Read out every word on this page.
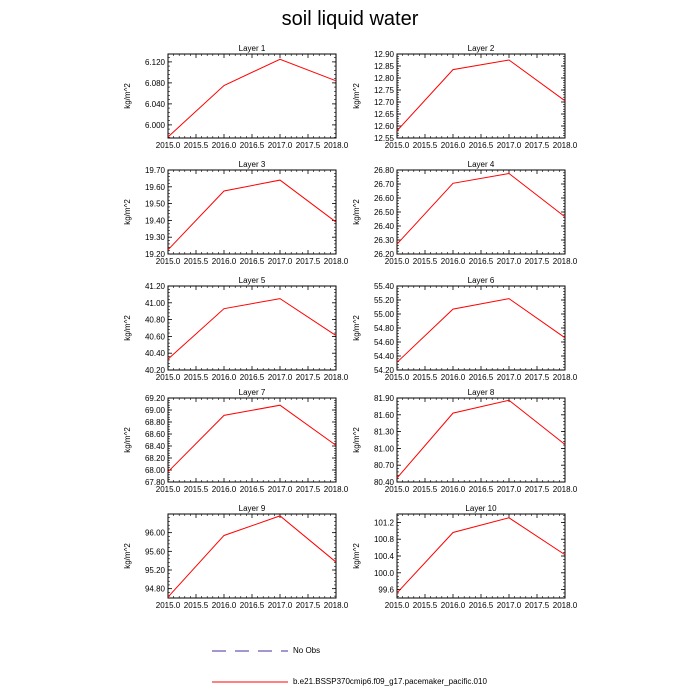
soil liquid water
Layer 1
2015.0 2015.5 2016.0 2016.5 2017.0 2017.5 2018.0
6.000
6.040
6.080
6.120
kg/m^2
Layer 2
2015.0 2015.5 2016.0 2016.5 2017.0 2017.5 2018.0
12.55
12.60
12.65
12.70
12.75
12.80
12.85
12.90
kg/m^2
Layer 3
2015.0 2015.5 2016.0 2016.5 2017.0 2017.5 2018.0
19.20
19.30
19.40
19.50
19.60
19.70
kg/m^2
Layer 4
2015.0 2015.5 2016.0 2016.5 2017.0 2017.5 2018.0
26.20
26.30
26.40
26.50
26.60
26.70
26.80
kg/m^2
Layer 5
2015.0 2015.5 2016.0 2016.5 2017.0 2017.5 2018.0
40.20
40.40
40.60
40.80
41.00
41.20
kg/m^2
Layer 6
2015.0 2015.5 2016.0 2016.5 2017.0 2017.5 2018.0
54.20
54.40
54.60
54.80
55.00
55.20
55.40
kg/m^2
Layer 7
2015.0 2015.5 2016.0 2016.5 2017.0 2017.5 2018.0
67.80
68.00
68.20
68.40
68.60
68.80
69.00
69.20
kg/m^2
Layer 8
2015.0 2015.5 2016.0 2016.5 2017.0 2017.5 2018.0
80.40
80.70
81.00
81.30
81.60
81.90
kg/m^2
Layer 9
2015.0 2015.5 2016.0 2016.5 2017.0 2017.5 2018.0
94.80
95.20
95.60
96.00
kg/m^2
Layer 10
2015.0 2015.5 2016.0 2016.5 2017.0 2017.5 2018.0
99.6
100.0
100.4
100.8
101.2
kg/m^2
No Obs
b.e21.BSSP370cmip6.f09_g17.pacemaker_pacific.010
